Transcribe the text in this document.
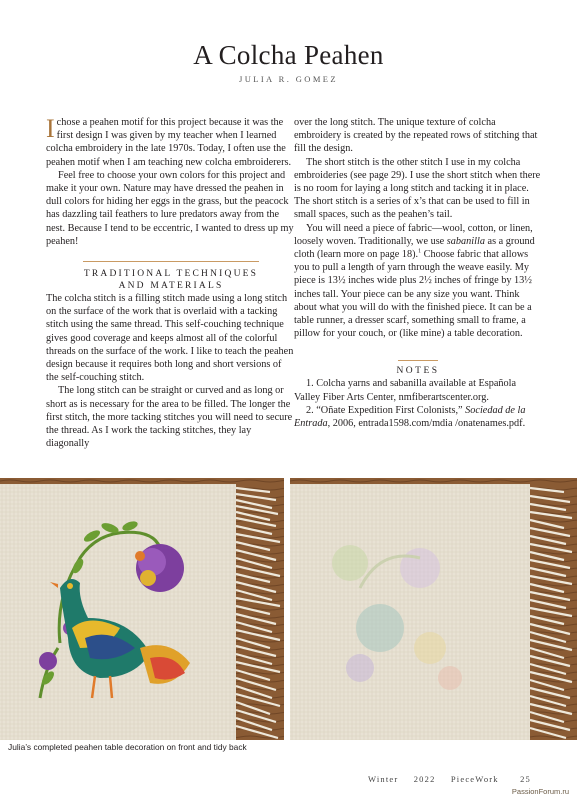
A Colcha Peahen
JULIA R. GOMEZ

Ichose a peahen motif for this project because it was the first design I was given by my teacher when I learned colcha embroidery in the late 1970s. Today, I often use the peahen motif when I am teaching new colcha embroiderers.

Feel free to choose your own colors for this project and make it your own. Nature may have dressed the peahen in dull colors for hiding her eggs in the grass, but the peacock has dazzling tail feathers to lure predators away from the nest. Because I tend to be eccentric, I wanted to dress up my peahen!

TRADITIONAL TECHNIQUES
AND MATERIALS

The colcha stitch is a filling stitch made using a long stitch on the surface of the work that is overlaid with a tacking stitch using the same thread. This self-couching technique gives good coverage and keeps almost all of the colorful threads on the surface of the work. I like to teach the peahen design because it requires both long and short versions of the self-couching stitch.

The long stitch can be straight or curved and as long or short as is necessary for the area to be filled. The longer the first stitch, the more tacking stitches you will need to secure the thread. As I work the tacking stitches, they lay diagonally

over the long stitch. The unique texture of colcha embroidery is created by the repeated rows of stitching that fill the design.

The short stitch is the other stitch I use in my colcha embroideries (see page 29). I use the short stitch when there is no room for laying a long stitch and tacking it in place. The short stitch is a series of x’s that can be used to fill in small spaces, such as the peahen’s tail.

You will need a piece of fabric—wool, cotton, or linen, loosely woven. Traditionally, we use sabanilla as a ground cloth (learn more on page 18).$^1$ Choose fabric that allows you to pull a length of yarn through the weave easily. My piece is 13½ inches wide plus 2½ inches of fringe by 13½ inches tall. Your piece can be any size you want. Think about what you will do with the finished piece. It can be a table runner, a dresser scarf, something small to frame, a pillow for your couch, or (like mine) a table decoration.

NOTES

1. Colcha yarns and sabanilla available at Española Valley Fiber Arts Center, nmfiberartscenter.org.

2. “Oñate Expedition First Colonists,” Sociedad de la Entrada, 2006, entrada1598.com/mdia /onatenames.pdf.

Julia’s completed peahen table decoration on front and tidy back
Winter 2022 PieceWork	25
PassionForum.ru
